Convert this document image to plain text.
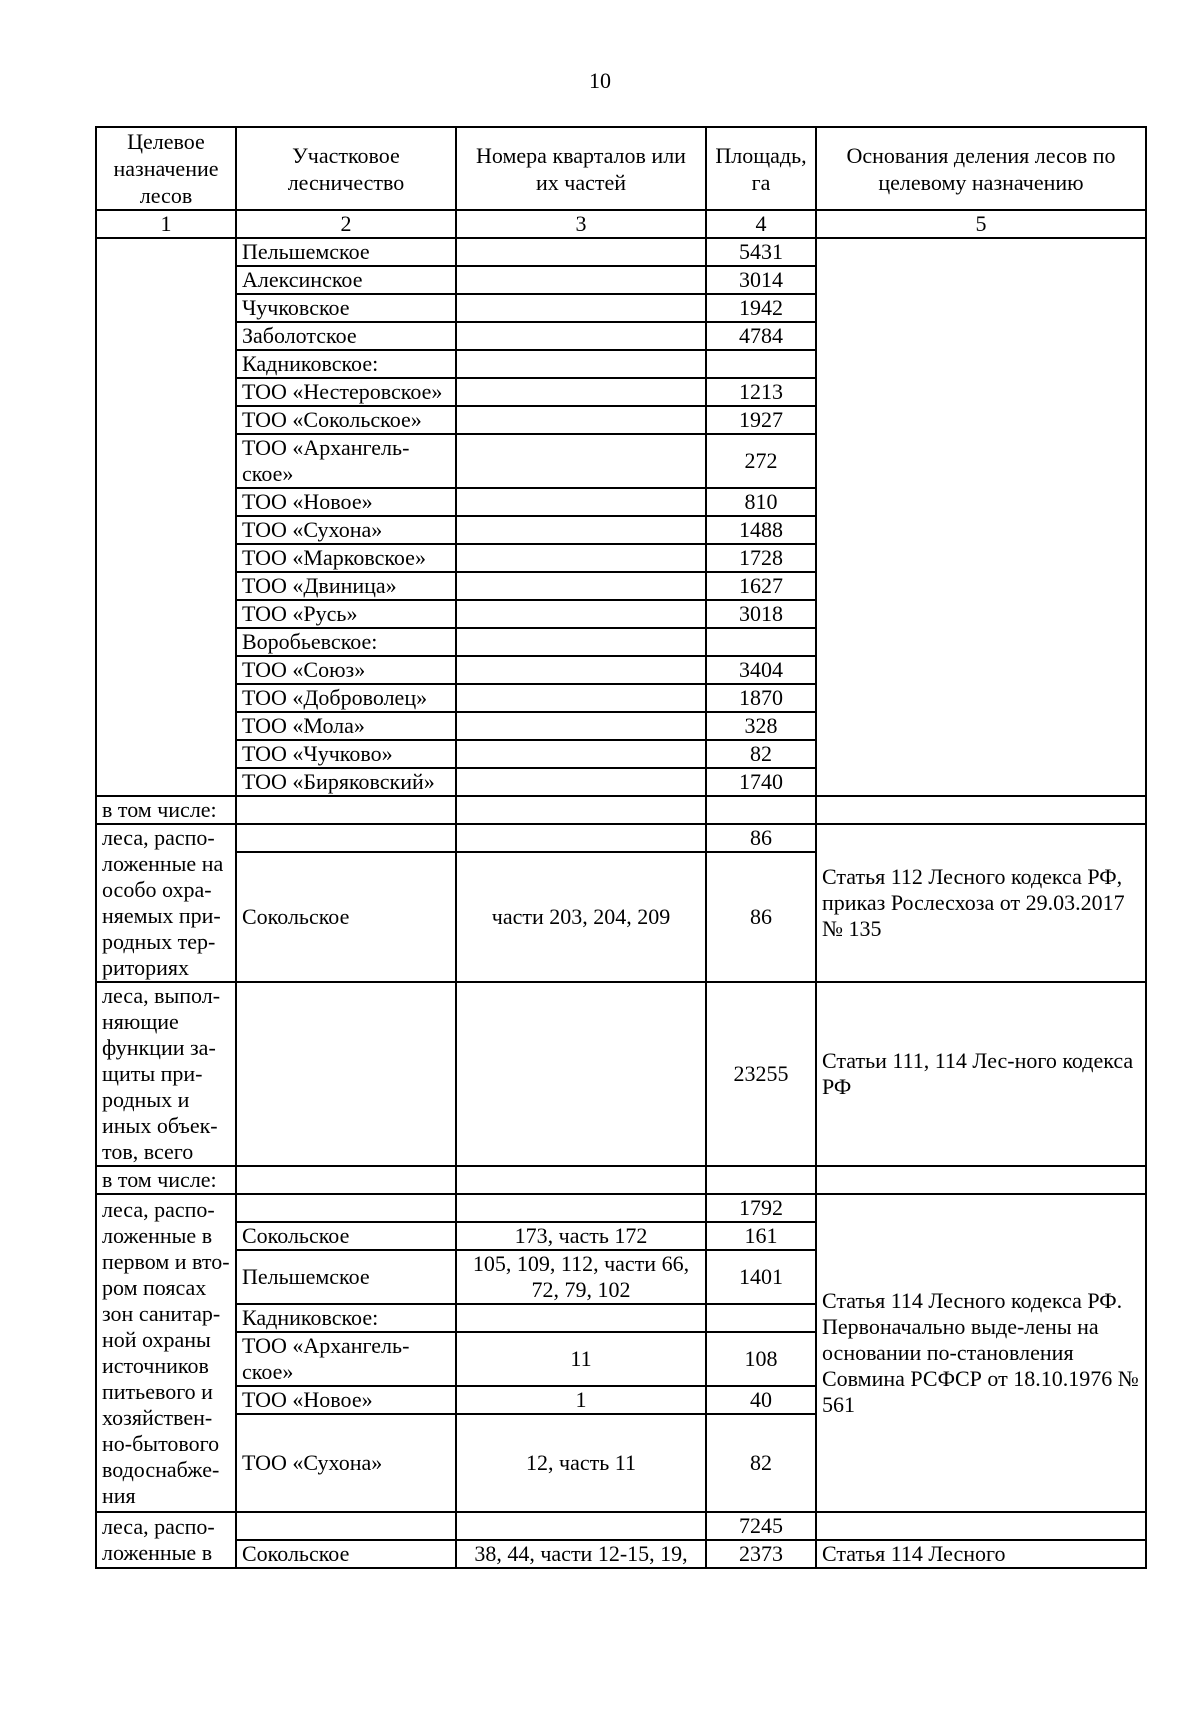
10
Целевое назначение лесов	Участковое лесничество	Номера кварталов или их частей	Площадь, га	Основания деления лесов по целевому назначению
1	2	3	4	5
	Пельшемское		5431	
	Алексинское		3014	
	Чучковское		1942	
	Заболотское		4784	
	Кадниковское:			
	ТОО «Нестеровское»		1213	
	ТОО «Сокольское»		1927	
	ТОО «Архангель-ское»		272	
	ТОО «Новое»		810	
	ТОО «Сухона»		1488	
	ТОО «Марковское»		1728	
	ТОО «Двиница»		1627	
	ТОО «Русь»		3018	
	Воробьевское:			
	ТОО «Союз»		3404	
	ТОО «Доброволец»		1870	
	ТОО «Мола»		328	
	ТОО «Чучково»		82	
	ТОО «Биряковский»		1740	
в том числе:				
леса, распо-ложенные на особо охра-няемых при-родных тер-риториях			86	Статья 112 Лесного кодекса РФ, приказ Рослесхоза от 29.03.2017 № 135
	Сокольское	части 203, 204, 209	86	
леса, выпол-няющие функции за-щиты при-родных и иных объек-тов, всего			23255	Статьи 111, 114 Лес-ного кодекса РФ
в том числе:				
леса, распо-ложенные в первом и вто-ром поясах зон санитар-ной охраны источников питьевого и хозяйствен-но-бытового водоснабже-ния			1792	Статья 114 Лесного кодекса РФ. Первоначально выде-лены на основании по-становления Совмина РСФСР от 18.10.1976 № 561
	Сокольское	173, часть 172	161	
	Пельшемское	105, 109, 112, части 66, 72, 79, 102	1401	
	Кадниковское:			
	ТОО «Архангель-ское»	11	108	
	ТОО «Новое»	1	40	
	ТОО «Сухона»	12, часть 11	82	
леса, распо-ложенные в			7245	
	Сокольское	38, 44, части 12-15, 19,	2373	Статья 114 Лесного
